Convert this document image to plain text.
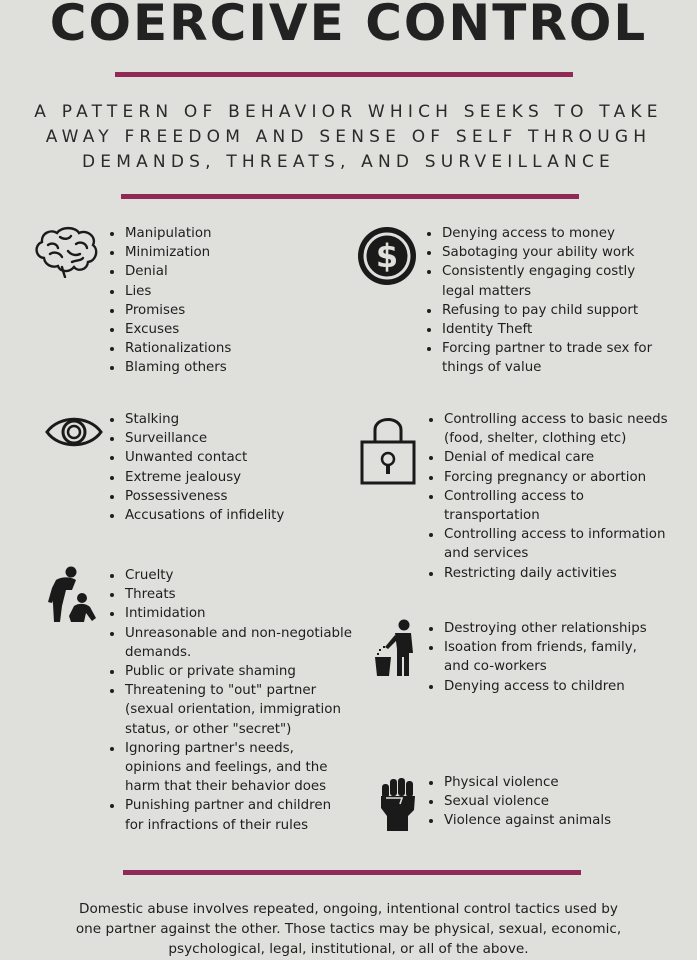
COERCIVE CONTROL
A PATTERN OF BEHAVIOR WHICH SEEKS TO TAKE
AWAY FREEDOM AND SENSE OF SELF THROUGH
DEMANDS, THREATS, AND SURVEILLANCE
Manipulation
Minimization
Denial
Lies
Promises
Excuses
Rationalizations
Blaming others
$
Denying access to money
Sabotaging your ability work
Consistently engaging costly legal matters
Refusing to pay child support
Identity Theft
Forcing partner to trade sex for things of value
Stalking
Surveillance
Unwanted contact
Extreme jealousy
Possessiveness
Accusations of infidelity
Controlling access to basic needs (food, shelter, clothing etc)
Denial of medical care
Forcing pregnancy or abortion
Controlling access to transportation
Controlling access to information and services
Restricting daily activities
Cruelty
Threats
Intimidation
Unreasonable and non-negotiable demands.
Public or private shaming
Threatening to "out" partner (sexual orientation, immigration status, or other "secret")
Ignoring partner's needs, opinions and feelings, and the harm that their behavior does
Punishing partner and children for infractions of their rules
Destroying other relationships
Isoation from friends, family, and co-workers
Denying access to children
Physical violence
Sexual violence
Violence against animals
Domestic abuse involves repeated, ongoing, intentional control tactics used by
one partner against the other. Those tactics may be physical, sexual, economic,
psychological, legal, institutional, or all of the above.
